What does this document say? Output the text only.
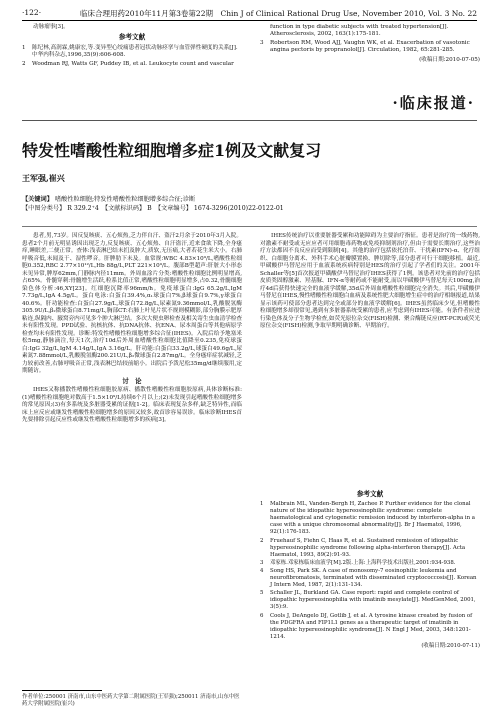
·122·	临床合理用药2010年11月第3卷第22期　Chin J of Clinical Rational Drug Use, November 2010, Vol. 3 No. 22
动脉瘤事[3]。
参考文献
1	陈纪林,高润霖,姚康宏,等.变异型心绞痛患者冠状动脉痉挛与血管弹性硬度的关系[J].中华内科杂志,1996,35(9):606-608.
2	Woodman RJ, Watts GF, Puddey IB, et al. Leukocyte count and vascular
function in type diabetic subjects with treated hypertension[J]. Atherosclerosis, 2002, 163(1):175-181.
3	Robertson RM, Wood AJJ, Vaughn WK, et al. Exacerbation of vasotonic angina pectoris by propranolol[J]. Circulation, 1982, 65:281-285.
(收稿日期:2010-07-05)
·临床报道·
特发性嗜酸性粒细胞增多症1例及文献复习
王军强,崔兴
【关键词】 嗜酸性粒细胞;特发性嗜酸性粒细胞增多综合征;诊断
【中图分类号】 R 329.2⁺4　【文献标识码】 B　【文章编号】 1674-3296(2010)22-0122-01

患者,男,73岁。因反复咳痰、五心烦热,乏力伴自汗、盗汗2月余于2010年3月入院。患者2个月前无明显诱因出现乏力,反复咳痰、五心烦热、自汗盗汗,近来食欲下降,全身瘙痒,睡眠差,二便正常。查体:浅表淋巴结未扪及肿大,质软,无压痛,大者若花生米大小。右肺呼吸音低,未闻及干、湿性啰音。肝脾肋下未及。血常规:WBC 4.83×10⁹/L,嗜酸性粒细胞0.352,RBC 2.77×10¹²/L,Hb 88g/L,PLT 221×10⁹/L。腹部B型超声:肝脏大小形态未见异常,脾厚62mm,门静脉内径11mm。外周血涂片分类:嗜酸性粒细胞比例明显增高,占65%。骨髓穿刺:骨髓增生活跃,粒系比值正常,嗜酸性粒细胞明显增多,占0.32,骨髓细胞染色体分析:46,XY[23]。红细胞沉降率96mm/h。免疫球蛋白:IgG 65.2g/L,IgM 7.73g/L,IgA 4.5g/L。蛋白电泳:白蛋白39.4%,α₁球蛋白7%,β球蛋白9.7%,γ球蛋白40.6%。肝功能检查:白蛋白27.9g/L,球蛋白72.8g/L,尿素氮9.36mmol/L,乳酸脱氢酶305.9U/L,β₂微球蛋白8.71mg/L,胸部CT:右肺上叶见片状不规则模糊影,部分胸膜示肥厚粘连,纵隔内、腋窝旁内可见多个肿大淋巴结。多次大便虫卵检查及相关寄生虫血清学检查未有阳性发现。PPD试验、抗核抗体、抗DNA抗体、抗ENA、尿本周蛋白等其他病原学检查均未有阳性发现。诊断:特发性嗜酸性粒细胞增多综合征(IHES)。入院后给予地塞米松5mg,静脉滴注,每天1次,治疗10d后外周血嗜酸性粒细胞比值降至0.235,免疫球蛋白:IgG 32g/L,IgM 4.14g/L,IgA 3.16g/L。肝功能:白蛋白33.2g/L,球蛋白49.6g/L,尿素氮7.88mmol/L,乳酸脱氢酶200.21U/L,β₂微球蛋白2.87mg/L。全身瘙痒症状减轻,乏力较前改善,右肺呼吸音正常,浅表淋巴结较前缩小。出院后予泼尼松35mg/d继续服用,定期随访。

讨　论

IHES又称播散性嗜酸性粒细胞胶原病、播散性嗜酸性粒细胞胶原病,具体诊断标准:(1)嗜酸性粒细胞绝对数高于1.5×10⁹/L持续6个月以上;(2)未发现引起嗜酸性粒细胞增多的常见原因;(3)有多系统及多脏器受累的证据[1-2]。临床表现复杂多样,缺乏特异性,而临床上应反应或继发性嗜酸性粒细胞增多的原因又较多,故首诊容易误诊。临床诊断IHES首先要排除引起反应性或继发性嗜酸性粒细胞增多的疾病[3]。

IHES传统治疗以重要脏器受累和功能障碍为主要治疗指征。患者是治疗的一线药物,对激素不耐受或无应应者可用细胞毒药物或免疫抑制剂治疗,但由于需要长期治疗,这些治疗方法都因不良反应而受到限制[4]。其他的治疗包括依托泊苷、干扰素(IFN)-α、化疗组织、白细胞分离术、外科手术心脏瓣膜置换、脾切除等,部分患者可行干细胞移植。最近,甲磺酸伊马替尼应用于血液系统疾病特别是HES的治疗引起了学者们的关注。2001年Schaller等[5]首次报道甲磺酸伊马替尼治疗IHES获得了1例。该患者对先前的治疗包括皮质类固醇激素、羟基脲、IFN-α等耐药或不能耐受,而以甲磺酸伊马替尼每天100mg,治疗4d后获得快速完全的血液学缓解,35d后外周血嗜酸性粒细胞完全消失。其后,甲磺酸伊马替尼在IHES,慢性嗜酸性粒细胞白血病及系统性肥大细胞增生症中的治疗相继报道,结果显示该药可使部分患者达到完全或部分的血液学缓解[6]。IHES虽然临床少见,但嗜酸性粒细胞增多却很常见,遇到有多脏器系统受累的患者,应考虑到有IHES可能。有条件者应进行染色体及分子生物学检查,如荧光原位杂交(FISH)检测、聚合酶链反应(RT-PCR)或荧光原位杂交(FISH)检测,争取早期明确诊断、早期治疗。

参考文献
1	Malbrain ML, Vanden-Bergh H, Zachee P. Further evidence for the clonal nature of the idiopathic hypereosinophilic syndrome: complete haematological and cytogenetic remission induced by interferon-alpha in a case with a unique chromosomal abnormality[J]. Br J Haematol, 1996, 92(1):176-183.
2	Fruehauf S, Fiehn C, Haas R, et al. Sustained remission of idiopathic hypereosinophilic syndrome following alpha-interferon therapy[J]. Acta Haematol, 1993, 89(2):91-93.
3	邓家栋.邓家栋临床血液学[M].2版.上海:上海科学技术出版社,2001:934-938.
4	Song HS, Park SK. A case of monosomy-7 eosinophilic leukemia and neurofibromatosis, terminated with disseminated cryptococcosis[J]. Korean J Intern Med, 1987, 2(1):131-134.
5	Schaller JL, Burkland GA. Case report: rapid and complete control of idiopathic hypereosinophilia with imatinib mesylate[J]. MedGenMed, 2001, 3(5):9.
6	Cools J, DeAngelo DJ, Gotlib J, et al. A tyrosine kinase created by fusion of the PDGFRA and FIP1L1 genes as a therapeutic target of imatinib in idiopathic hypereosinophilic syndrome[J]. N Engl J Med, 2003, 348:1201-1214.
(收稿日期:2010-07-11)
作者单位:250001 济南市,山东中医药大学第二附属医院(王军强);250011 济南市,山东中医药大学附属医院(崔兴)
